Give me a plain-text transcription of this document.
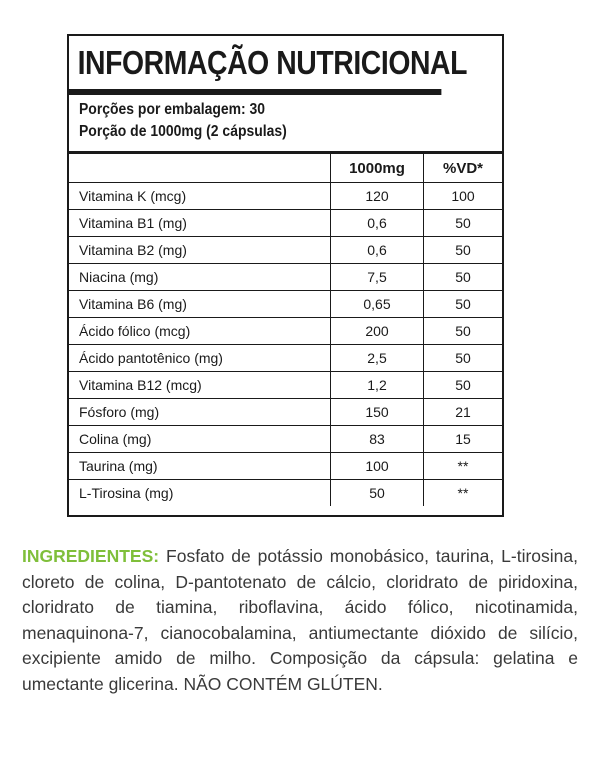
INFORMAÇÃO NUTRICIONAL
Porções por embalagem: 30
Porção de 1000mg (2 cápsulas)
	1000mg	%VD*
Vitamina K (mcg)	120	100
Vitamina B1 (mg)	0,6	50
Vitamina B2 (mg)	0,6	50
Niacina (mg)	7,5	50
Vitamina B6 (mg)	0,65	50
Ácido fólico (mcg)	200	50
Ácido pantotênico (mg)	2,5	50
Vitamina B12 (mcg)	1,2	50
Fósforo (mg)	150	21
Colina (mg)	83	15
Taurina (mg)	100	**
L-Tirosina (mg)	50	**

INGREDIENTES: Fosfato de potássio monobásico, taurina, L-tirosina, cloreto de colina, D-pantotenato de cálcio, cloridrato de piridoxina, cloridrato de tiamina, riboflavina, ácido fólico, nicotinamida, menaquinona-7, cianocobalamina, antiumectante dióxido de silício, excipiente amido de milho. Composição da cápsula: gelatina e umectante glicerina. NÃO CONTÉM GLÚTEN.
